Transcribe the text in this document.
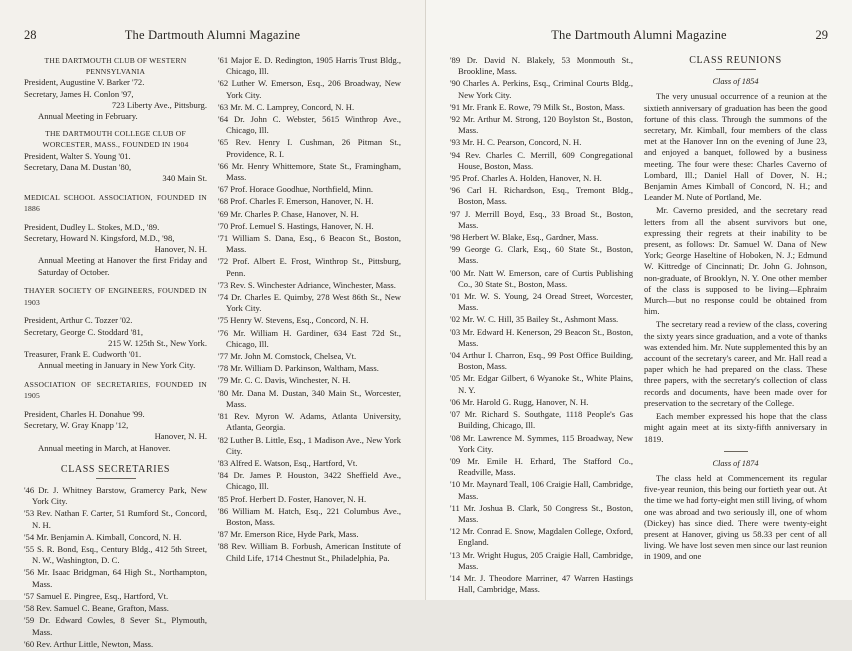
28	The Dartmouth Alumni Magazine

THE DARTMOUTH CLUB OF WESTERN PENNSYLVANIA

President, Augustine V. Barker '72.

Secretary, James H. Conlon '97,

723 Liberty Ave., Pittsburg.

Annual Meeting in February.

THE DARTMOUTH COLLEGE CLUB OF WORCESTER, MASS., FOUNDED IN 1904

President, Walter S. Young '01.

Secretary, Dana M. Dustan '80,

340 Main St.

MEDICAL SCHOOL ASSOCIATION, FOUNDED IN 1886

President, Dudley L. Stokes, M.D., '89.

Secretary, Howard N. Kingsford, M.D., '98,

Hanover, N. H.

Annual Meeting at Hanover the first Friday and Saturday of October.

THAYER SOCIETY OF ENGINEERS, FOUNDED IN 1903

President, Arthur C. Tozzer '02.

Secretary, George C. Stoddard '81,

215 W. 125th St., New York.

Treasurer, Frank E. Cudworth '01.

Annual meeting in January in New York City.

ASSOCIATION OF SECRETARIES, FOUNDED IN 1905

President, Charles H. Donahue '99.

Secretary, W. Gray Knapp '12,

Hanover, N. H.

Annual meeting in March, at Hanover.

CLASS SECRETARIES

'46 Dr. J. Whitney Barstow, Gramercy Park, New York City.

'53 Rev. Nathan F. Carter, 51 Rumford St., Concord, N. H.

'54 Mr. Benjamin A. Kimball, Concord, N. H.

'55 S. R. Bond, Esq., Century Bldg., 412 5th Street, N. W., Washington, D. C.

'56 Mr. Isaac Bridgman, 64 High St., Northampton, Mass.

'57 Samuel E. Pingree, Esq., Hartford, Vt.

'58 Rev. Samuel C. Beane, Grafton, Mass.

'59 Dr. Edward Cowles, 8 Sever St., Plymouth, Mass.

'60 Rev. Arthur Little, Newton, Mass.

'61 Major E. D. Redington, 1905 Harris Trust Bldg., Chicago, Ill.

'62 Luther W. Emerson, Esq., 206 Broadway, New York City.

'63 Mr. M. C. Lamprey, Concord, N. H.

'64 Dr. John C. Webster, 5615 Winthrop Ave., Chicago, Ill.

'65 Rev. Henry I. Cushman, 26 Pitman St., Providence, R. I.

'66 Mr. Henry Whittemore, State St., Framingham, Mass.

'67 Prof. Horace Goodhue, Northfield, Minn.

'68 Prof. Charles F. Emerson, Hanover, N. H.

'69 Mr. Charles P. Chase, Hanover, N. H.

'70 Prof. Lemuel S. Hastings, Hanover, N. H.

'71 William S. Dana, Esq., 6 Beacon St., Boston, Mass.

'72 Prof. Albert E. Frost, Winthrop St., Pittsburg, Penn.

'73 Rev. S. Winchester Adriance, Winchester, Mass.

'74 Dr. Charles E. Quimby, 278 West 86th St., New York City.

'75 Henry W. Stevens, Esq., Concord, N. H.

'76 Mr. William H. Gardiner, 634 East 72d St., Chicago, Ill.

'77 Mr. John M. Comstock, Chelsea, Vt.

'78 Mr. William D. Parkinson, Waltham, Mass.

'79 Mr. C. C. Davis, Winchester, N. H.

'80 Mr. Dana M. Dustan, 340 Main St., Worcester, Mass.

'81 Rev. Myron W. Adams, Atlanta University, Atlanta, Georgia.

'82 Luther B. Little, Esq., 1 Madison Ave., New York City.

'83 Alfred E. Watson, Esq., Hartford, Vt.

'84 Dr. James P. Houston, 3422 Sheffield Ave., Chicago, Ill.

'85 Prof. Herbert D. Foster, Hanover, N. H.

'86 William M. Hatch, Esq., 221 Columbus Ave., Boston, Mass.

'87 Mr. Emerson Rice, Hyde Park, Mass.

'88 Rev. William B. Forbush, American Institute of Child Life, 1714 Chestnut St., Philadelphia, Pa.

The Dartmouth Alumni Magazine	29

'89 Dr. David N. Blakely, 53 Monmouth St., Brookline, Mass.

'90 Charles A. Perkins, Esq., Criminal Courts Bldg., New York City.

'91 Mr. Frank E. Rowe, 79 Milk St., Boston, Mass.

'92 Mr. Arthur M. Strong, 120 Boylston St., Boston, Mass.

'93 Mr. H. C. Pearson, Concord, N. H.

'94 Rev. Charles C. Merrill, 609 Congregational House, Boston, Mass.

'95 Prof. Charles A. Holden, Hanover, N. H.

'96 Carl H. Richardson, Esq., Tremont Bldg., Boston, Mass.

'97 J. Merrill Boyd, Esq., 33 Broad St., Boston, Mass.

'98 Herbert W. Blake, Esq., Gardner, Mass.

'99 George G. Clark, Esq., 60 State St., Boston, Mass.

'00 Mr. Natt W. Emerson, care of Curtis Publishing Co., 30 State St., Boston, Mass.

'01 Mr. W. S. Young, 24 Oread Street, Worcester, Mass.

'02 Mr. W. C. Hill, 35 Bailey St., Ashmont Mass.

'03 Mr. Edward H. Kenerson, 29 Beacon St., Boston, Mass.

'04 Arthur I. Charron, Esq., 99 Post Office Building, Boston, Mass.

'05 Mr. Edgar Gilbert, 6 Wyanoke St., White Plains, N. Y.

'06 Mr. Harold G. Rugg, Hanover, N. H.

'07 Mr. Richard S. Southgate, 1118 People's Gas Building, Chicago, Ill.

'08 Mr. Lawrence M. Symmes, 115 Broadway, New York City.

'09 Mr. Emile H. Erhard, The Stafford Co., Readville, Mass.

'10 Mr. Maynard Teall, 106 Craigie Hall, Cambridge, Mass.

'11 Mr. Joshua B. Clark, 50 Congress St., Boston, Mass.

'12 Mr. Conrad E. Snow, Magdalen College, Oxford, England.

'13 Mr. Wright Hugus, 205 Craigie Hall, Cambridge, Mass.

'14 Mr. J. Theodore Marriner, 47 Warren Hastings Hall, Cambridge, Mass.

CLASS REUNIONS
Class of 1854

The very unusual occurrence of a reunion at the sixtieth anniversary of graduation has been the good fortune of this class. Through the summons of the secretary, Mr. Kimball, four members of the class met at the Hanover Inn on the evening of June 23, and enjoyed a banquet, followed by a business meeting. The four were these: Charles Caverno of Lombard, Ill.; Daniel Hall of Dover, N. H.; Benjamin Ames Kimball of Concord, N. H.; and Leander M. Nute of Portland, Me.

Mr. Caverno presided, and the secretary read letters from all the absent survivors but one, expressing their regrets at their inability to be present, as follows: Dr. Samuel W. Dana of New York; George Haseltine of Hoboken, N. J.; Edmund W. Kittredge of Cincinnati; Dr. John G. Johnson, non-graduate, of Brooklyn, N. Y. One other member of the class is supposed to be living—Ephraim Murch—but no response could be obtained from him.

The secretary read a review of the class, covering the sixty years since graduation, and a vote of thanks was extended him. Mr. Nute supplemented this by an account of the secretary's career, and Mr. Hall read a paper which he had prepared on the class. These three papers, with the secretary's collection of class records and documents, have been made over for preservation to the secretary of the College.

Each member expressed his hope that the class might again meet at its sixty-fifth anniversary in 1819.

Class of 1874

The class held at Commencement its regular five-year reunion, this being our fortieth year out. At the time we had forty-eight men still living, of whom one was abroad and two seriously ill, one of whom (Dickey) has since died. There were twenty-eight present at Hanover, giving us 58.33 per cent of all living. We have lost seven men since our last reunion in 1909, and one
